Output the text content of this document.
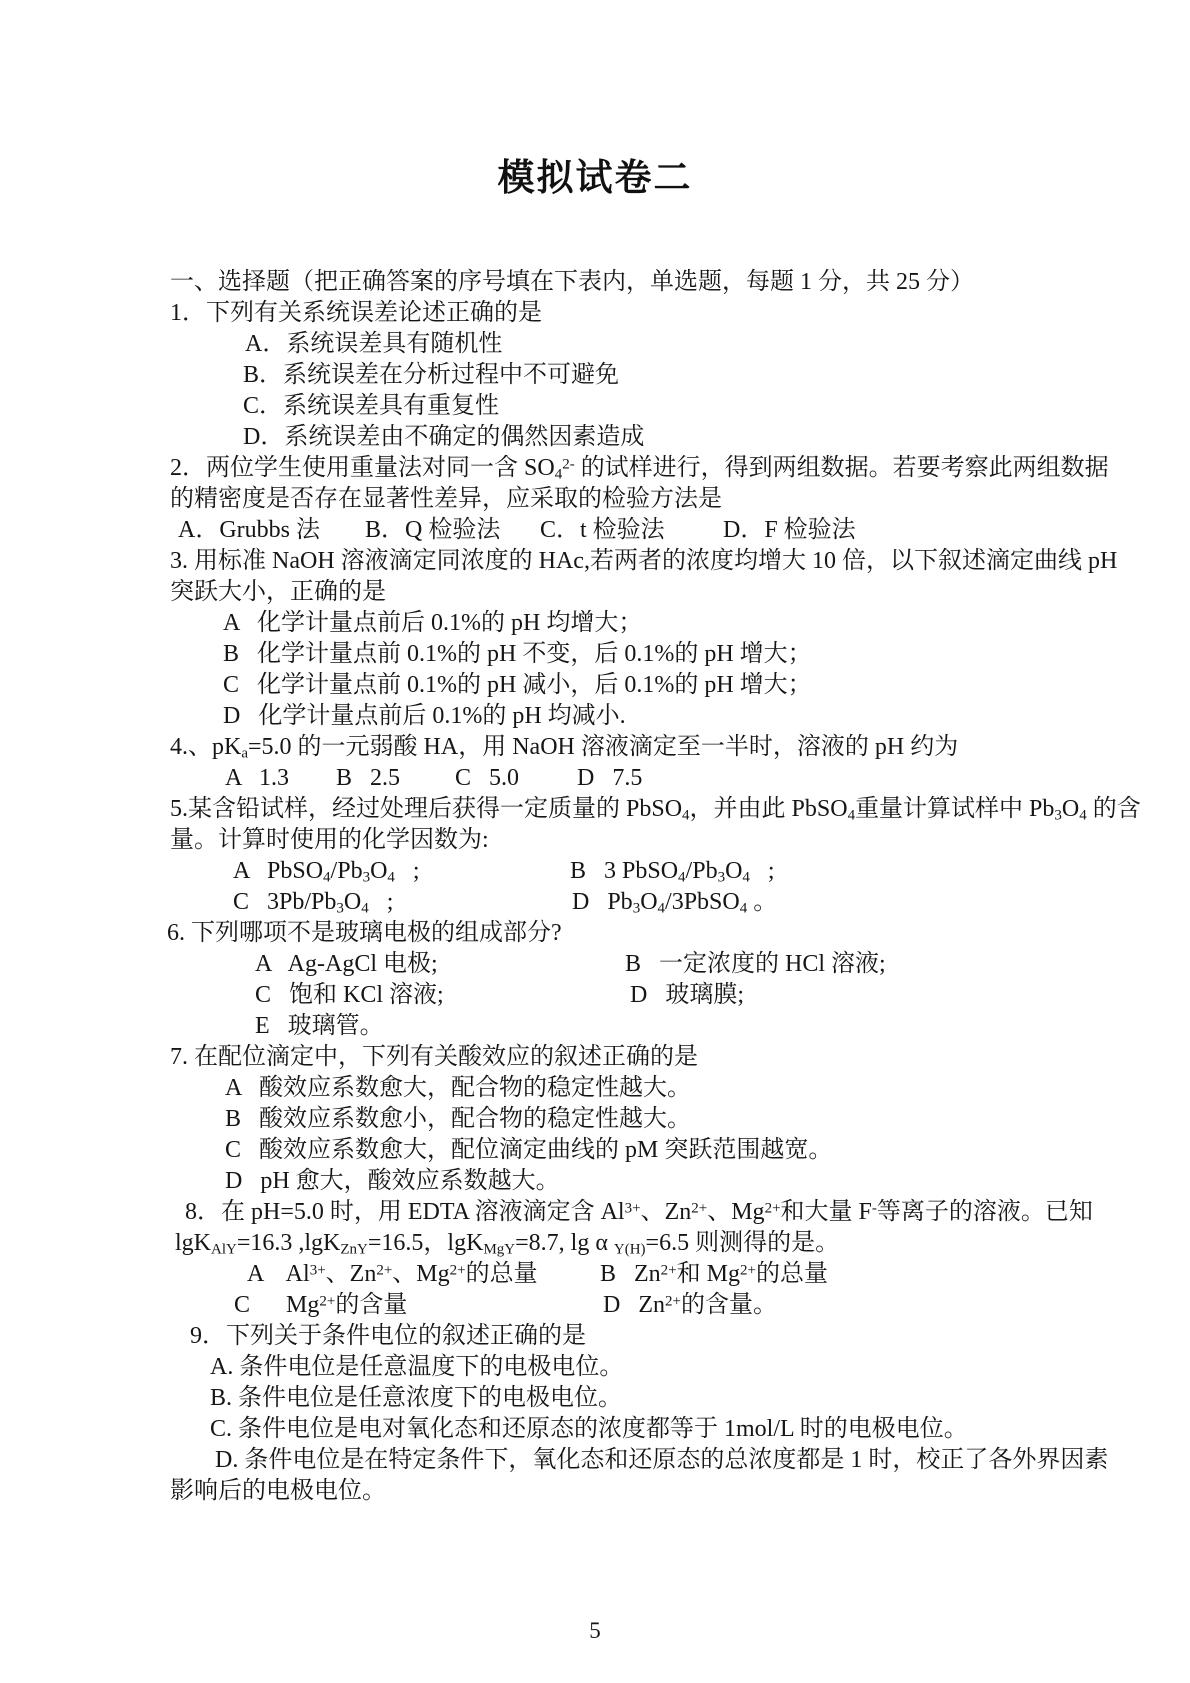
模拟试卷二
一、选择题（把正确答案的序号填在下表内，单选题，每题 1 分，共 25 分）
1．下列有关系统误差论述正确的是
A．系统误差具有随机性
B．系统误差在分析过程中不可避免
C．系统误差具有重复性
D．系统误差由不确定的偶然因素造成
2．两位学生使用重量法对同一含 $SO_4^{2-}$ 的试样进行，得到两组数据。若要考察此两组数据
的精密度是否存在显著性差异，应采取的检验方法是
A．Grubbs 法 B．Q 检验法 C．t 检验法 D．F 检验法
3. 用标准 NaOH 溶液滴定同浓度的 HAc,若两者的浓度均增大 10 倍，以下叙述滴定曲线 pH
突跃大小，正确的是
A   化学计量点前后 0.1%的 pH 均增大；
B   化学计量点前 0.1%的 pH 不变，后 0.1%的 pH 增大；
C   化学计量点前 0.1%的 pH 减小，后 0.1%的 pH 增大；
D   化学计量点前后 0.1%的 pH 均减小.
4.、$pK_a=5.0$ 的一元弱酸 HA，用 NaOH 溶液滴定至一半时，溶液的 pH 约为
A   1.3 B   2.5 C   5.0 D   7.5
5.某含铅试样，经过处理后获得一定质量的 PbSO$_4$，并由此 PbSO$_4$重量计算试样中 $Pb_3O_4$ 的含
量。计算时使用的化学因数为:
A   $PbSO_4/Pb_3O_4$   ;	B   3 $PbSO_4/Pb_3O_4$   ;
C   $3Pb/Pb_3O_4$   ;	D   $Pb_3O_4/3PbSO_4$ 。
6. 下列哪项不是玻璃电极的组成部分?
A   Ag-AgCl 电极;	B   一定浓度的 HCl 溶液;
C   饱和 KCl 溶液;	D   玻璃膜;
E   玻璃管。
7. 在配位滴定中，下列有关酸效应的叙述正确的是
A   酸效应系数愈大，配合物的稳定性越大。
B   酸效应系数愈小，配合物的稳定性越大。
C   酸效应系数愈大，配位滴定曲线的 pM 突跃范围越宽。
D   pH 愈大，酸效应系数越大。
8．在 pH=5.0 时，用 EDTA 溶液滴定含 $Al^{3+}$、$Zn^{2+}$、$Mg^{2+}$和大量 F-等离子的溶液。已知
lgK$_{AlY}$=16.3 ,lgK$_{ZnY}$=16.5，lgK$_{MgY}$=8.7, lg α $_{Y(H)}$=6.5 则测得的是。
A    $Al^{3+}$、$Zn^{2+}$、$Mg^{2+}$的总量	B   $Zn^{2+}$和 $Mg^{2+}$的总量
C      $Mg^{2+}$的含量	D   $Zn^{2+}$的含量。
9．下列关于条件电位的叙述正确的是
A. 条件电位是任意温度下的电极电位。
B. 条件电位是任意浓度下的电极电位。
C. 条件电位是电对氧化态和还原态的浓度都等于 1mol/L 时的电极电位。
D. 条件电位是在特定条件下，氧化态和还原态的总浓度都是 1 时，校正了各外界因素
影响后的电极电位。
5
